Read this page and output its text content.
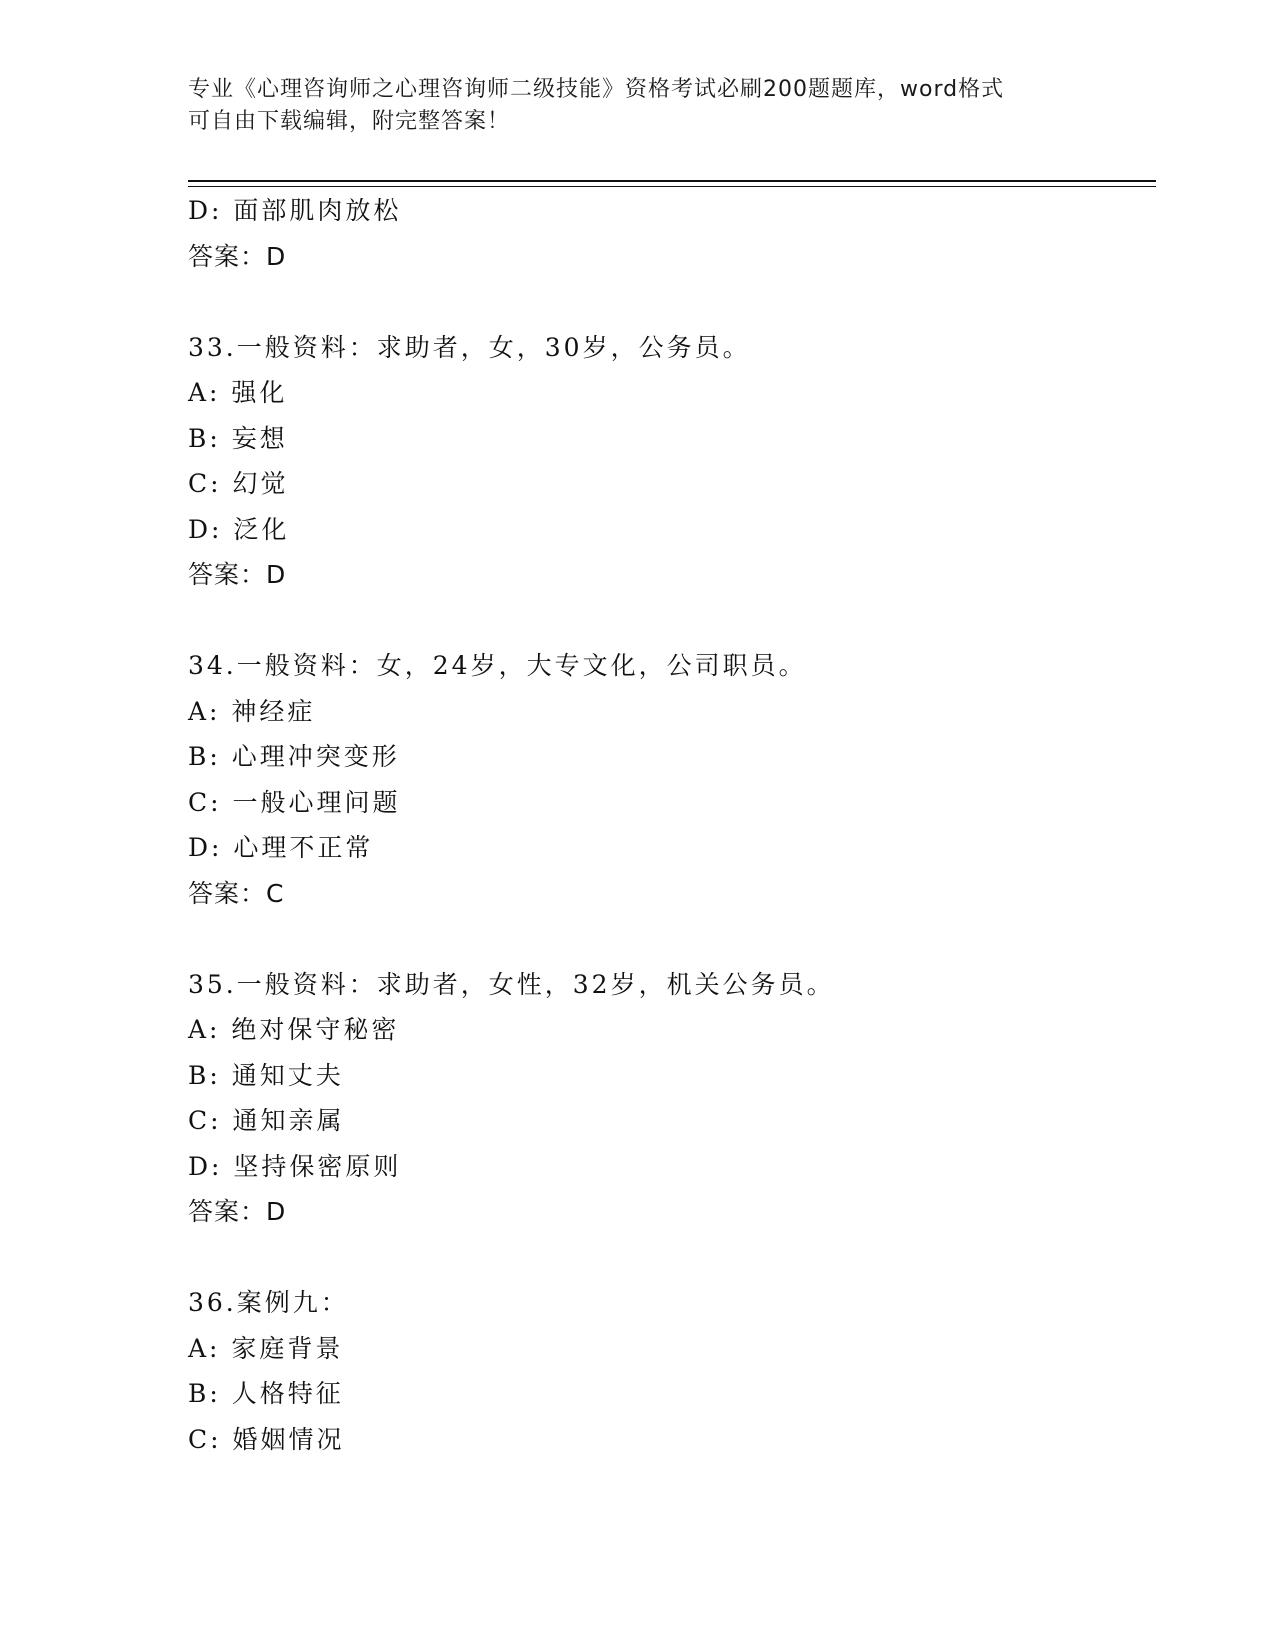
专业《心理咨询师之心理咨询师二级技能》资格考试必刷200题题库，word格式
可自由下载编辑，附完整答案！
D: 面部肌肉放松
答案：D
33.一般资料：求助者，女，30岁，公务员。
A: 强化
B: 妄想
C: 幻觉
D: 泛化
答案：D
34.一般资料：女，24岁，大专文化，公司职员。
A: 神经症
B: 心理冲突变形
C: 一般心理问题
D: 心理不正常
答案：C
35.一般资料：求助者，女性，32岁，机关公务员。
A: 绝对保守秘密
B: 通知丈夫
C: 通知亲属
D: 坚持保密原则
答案：D
36.案例九：
A: 家庭背景
B: 人格特征
C: 婚姻情况
